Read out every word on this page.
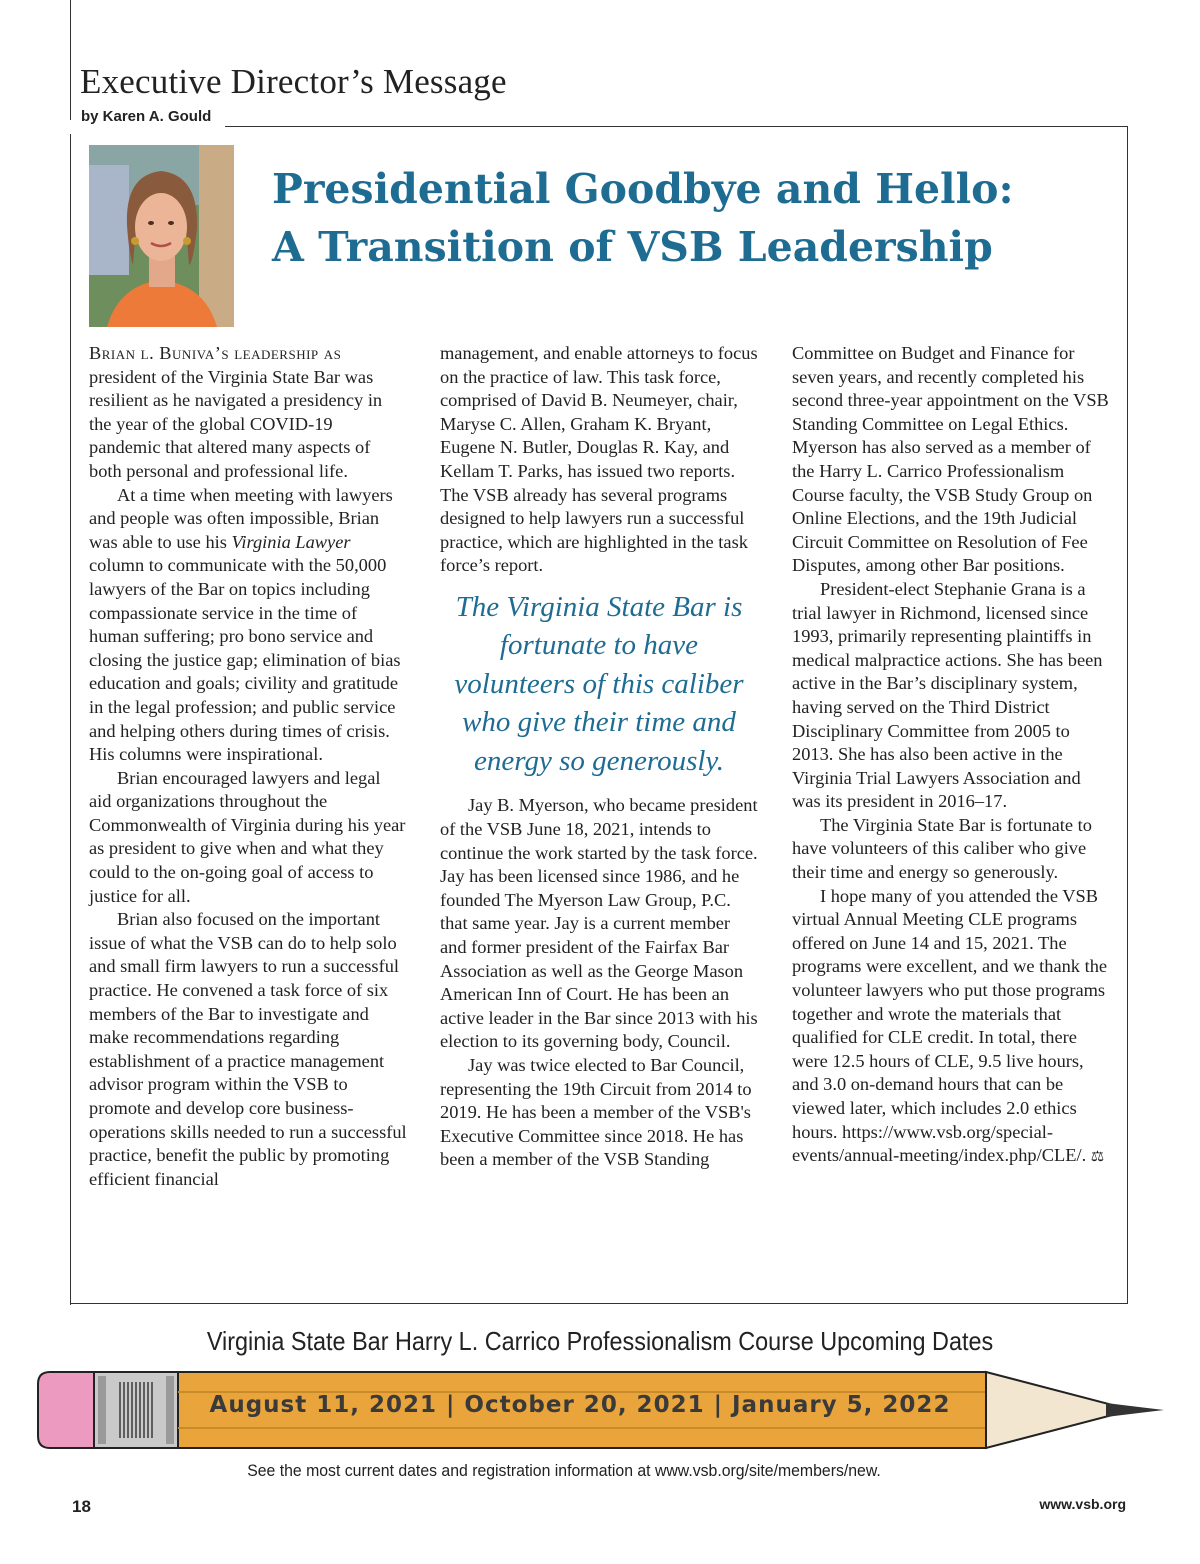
Executive Director’s Message
by Karen A. Gould
Presidential Goodbye and Hello:
A Transition of VSB Leadership

Brian l. Buniva’s leadership as president of the Virginia State Bar was resilient as he navigated a presidency in the year of the global COVID-19 pandemic that altered many aspects of both personal and professional life.

At a time when meeting with lawyers and people was often impossible, Brian was able to use his Virginia Lawyer column to communicate with the 50,000 lawyers of the Bar on topics including compassionate service in the time of human suffering; pro bono service and closing the justice gap; elimination of bias education and goals; civility and gratitude in the legal profession; and public service and helping others during times of crisis. His columns were inspirational.

Brian encouraged lawyers and legal aid organizations throughout the Commonwealth of Virginia during his year as president to give when and what they could to the on-going goal of access to justice for all.

Brian also focused on the important issue of what the VSB can do to help solo and small firm lawyers to run a successful practice. He convened a task force of six members of the Bar to investigate and make recommendations regarding establishment of a practice management advisor program within the VSB to promote and develop core business-operations skills needed to run a successful practice, benefit the public by promoting efficient financial

management, and enable attorneys to focus on the practice of law. This task force, comprised of David B. Neumeyer, chair, Maryse C. Allen, Graham K. Bryant, Eugene N. Butler, Douglas R. Kay, and Kellam T. Parks, has issued two reports. The VSB already has several programs designed to help lawyers run a successful practice, which are highlighted in the task force’s report.

The Virginia State Bar is fortunate to have volunteers of this caliber who give their time and energy so generously.

Jay B. Myerson, who became president of the VSB June 18, 2021, intends to continue the work started by the task force. Jay has been licensed since 1986, and he founded The Myerson Law Group, P.C. that same year. Jay is a current member and former president of the Fairfax Bar Association as well as the George Mason American Inn of Court. He has been an active leader in the Bar since 2013 with his election to its governing body, Council.

Jay was twice elected to Bar Council, representing the 19th Circuit from 2014 to 2019. He has been a member of the VSB's Executive Committee since 2018. He has been a member of the VSB Standing

Committee on Budget and Finance for seven years, and recently completed his second three-year appointment on the VSB Standing Committee on Legal Ethics. Myerson has also served as a member of the Harry L. Carrico Professionalism Course faculty, the VSB Study Group on Online Elections, and the 19th Judicial Circuit Committee on Resolution of Fee Disputes, among other Bar positions.

President-elect Stephanie Grana is a trial lawyer in Richmond, licensed since 1993, primarily representing plaintiffs in medical malpractice actions. She has been active in the Bar’s disciplinary system, having served on the Third District Disciplinary Committee from 2005 to 2013. She has also been active in the Virginia Trial Lawyers Association and was its president in 2016–17.

The Virginia State Bar is fortunate to have volunteers of this caliber who give their time and energy so generously.

I hope many of you attended the VSB virtual Annual Meeting CLE programs offered on June 14 and 15, 2021. The programs were excellent, and we thank the volunteer lawyers who put those programs together and wrote the materials that qualified for CLE credit. In total, there were 12.5 hours of CLE, 9.5 live hours, and 3.0 on-demand hours that can be viewed later, which includes 2.0 ethics hours. https://www.vsb.org/special-events/annual-meeting/index.php/CLE/. ⚖

Virginia State Bar Harry L. Carrico Professionalism Course Upcoming Dates
August 11, 2021 | October 20, 2021 | January 5, 2022
See the most current dates and registration information at www.vsb.org/site/members/new.
18	www.vsb.org
